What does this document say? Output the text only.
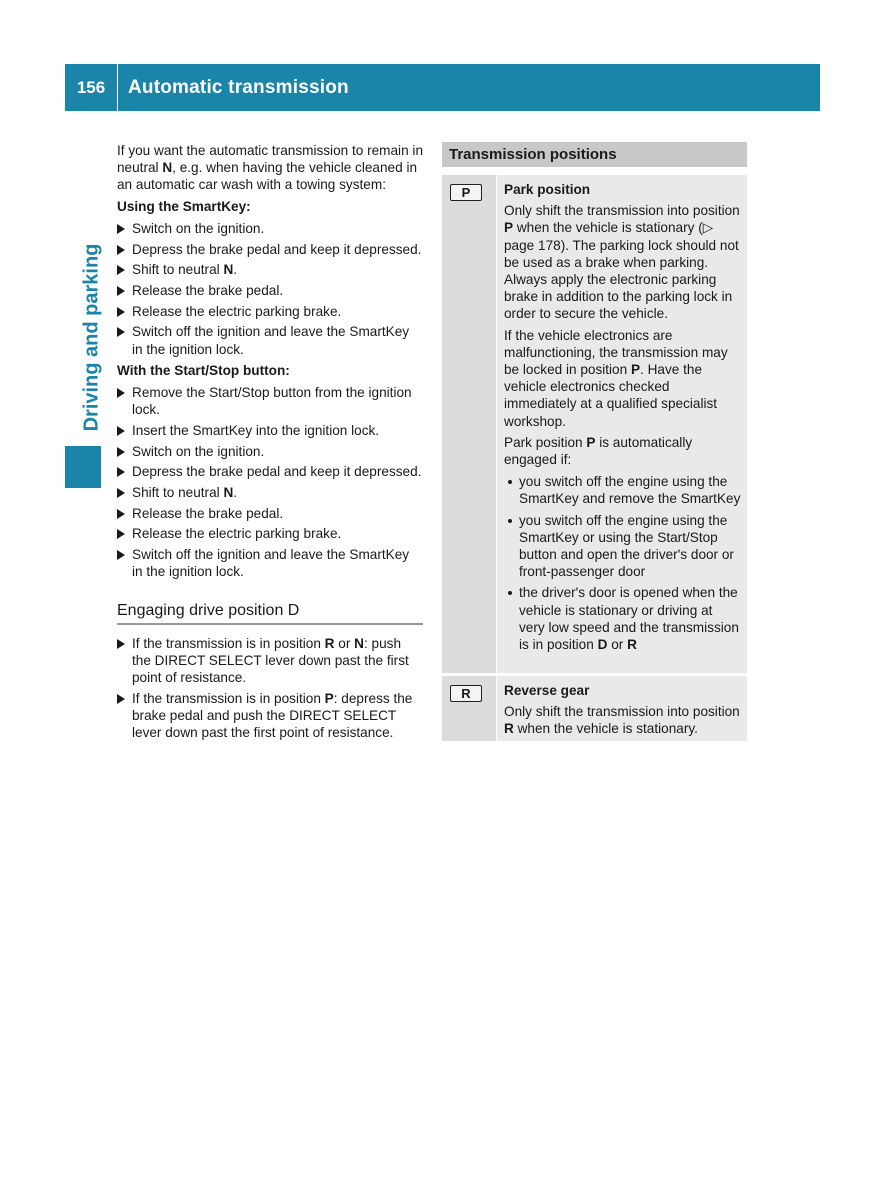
156	Automatic transmission
Driving and parking

If you want the automatic transmission to remain in neutral N, e.g. when having the vehicle cleaned in an automatic car wash with a towing system:

Using the SmartKey:

Switch on the ignition.
Depress the brake pedal and keep it depressed.
Shift to neutral N.
Release the brake pedal.
Release the electric parking brake.
Switch off the ignition and leave the SmartKey in the ignition lock.

With the Start/Stop button:

Remove the Start/Stop button from the ignition lock.
Insert the SmartKey into the ignition lock.
Switch on the ignition.
Depress the brake pedal and keep it depressed.
Shift to neutral N.
Release the brake pedal.
Release the electric parking brake.
Switch off the ignition and leave the SmartKey in the ignition lock.
Engaging drive position D
If the transmission is in position R or N: push the DIRECT SELECT lever down past the first point of resistance.
If the transmission is in position P: depress the brake pedal and push the DIRECT SELECT lever down past the first point of resistance.
Transmission positions
P	Park position

Only shift the transmission into position P when the vehicle is stationary (▷ page 178). The parking lock should not be used as a brake when parking. Always apply the electronic parking brake in addition to the parking lock in order to secure the vehicle.

If the vehicle electronics are malfunctioning, the transmission may be locked in position P. Have the vehicle electronics checked immediately at a qualified specialist workshop.

Park position P is automatically engaged if:

you switch off the engine using the SmartKey and remove the SmartKey
you switch off the engine using the SmartKey or using the Start/Stop button and open the driver's door or front-passenger door
the driver's door is opened when the vehicle is stationary or driving at very low speed and the transmission is in position D or R
R	Reverse gear

Only shift the transmission into position R when the vehicle is stationary.
